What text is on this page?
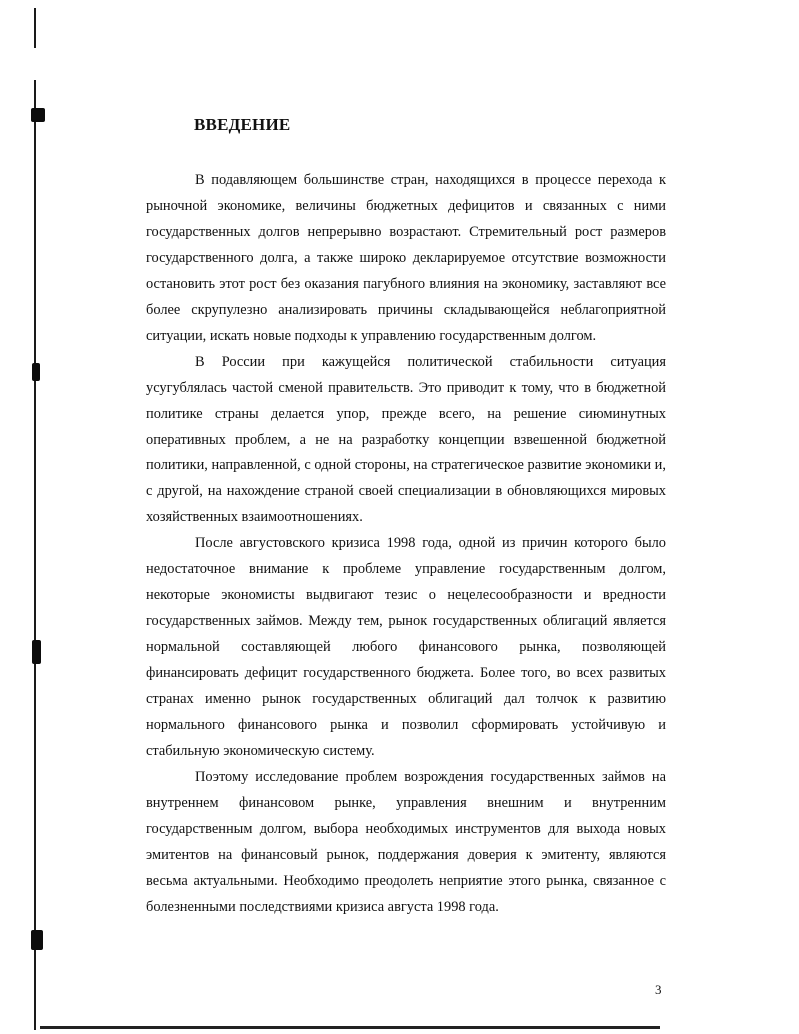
ВВЕДЕНИЕ

В подавляющем большинстве стран, находящихся в процессе перехода к рыночной экономике, величины бюджетных дефицитов и связанных с ними государственных долгов непрерывно возрастают. Стремительный рост размеров государственного долга, а также широко декларируемое отсутствие возможности остановить этот рост без оказания пагубного влияния на экономику, заставляют все более скрупулезно анализировать причины складывающейся неблагоприятной ситуации, искать новые подходы к управлению государственным долгом.

В России при кажущейся политической стабильности ситуация усугублялась частой сменой правительств. Это приводит к тому, что в бюджетной политике страны делается упор, прежде всего, на решение сиюминутных оперативных проблем, а не на разработку концепции взвешенной бюджетной политики, направленной, с одной стороны, на стратегическое развитие экономики и, с другой, на нахождение страной своей специализации в обновляющихся мировых хозяйственных взаимоотношениях.

После августовского кризиса 1998 года, одной из причин которого было недостаточное внимание к проблеме управление государственным долгом, некоторые экономисты выдвигают тезис о нецелесообразности и вредности государственных займов. Между тем, рынок государственных облигаций является нормальной составляющей любого финансового рынка, позволяющей финансировать дефицит государственного бюджета. Более того, во всех развитых странах именно рынок государственных облигаций дал толчок к развитию нормального финансового рынка и позволил сформировать устойчивую и стабильную экономическую систему.

Поэтому исследование проблем возрождения государственных займов на внутреннем финансовом рынке, управления внешним и внутренним государственным долгом, выбора необходимых инструментов для выхода новых эмитентов на финансовый рынок, поддержания доверия к эмитенту, являются весьма актуальными. Необходимо преодолеть неприятие этого рынка, связанное с болезненными последствиями кризиса августа 1998 года.

3
